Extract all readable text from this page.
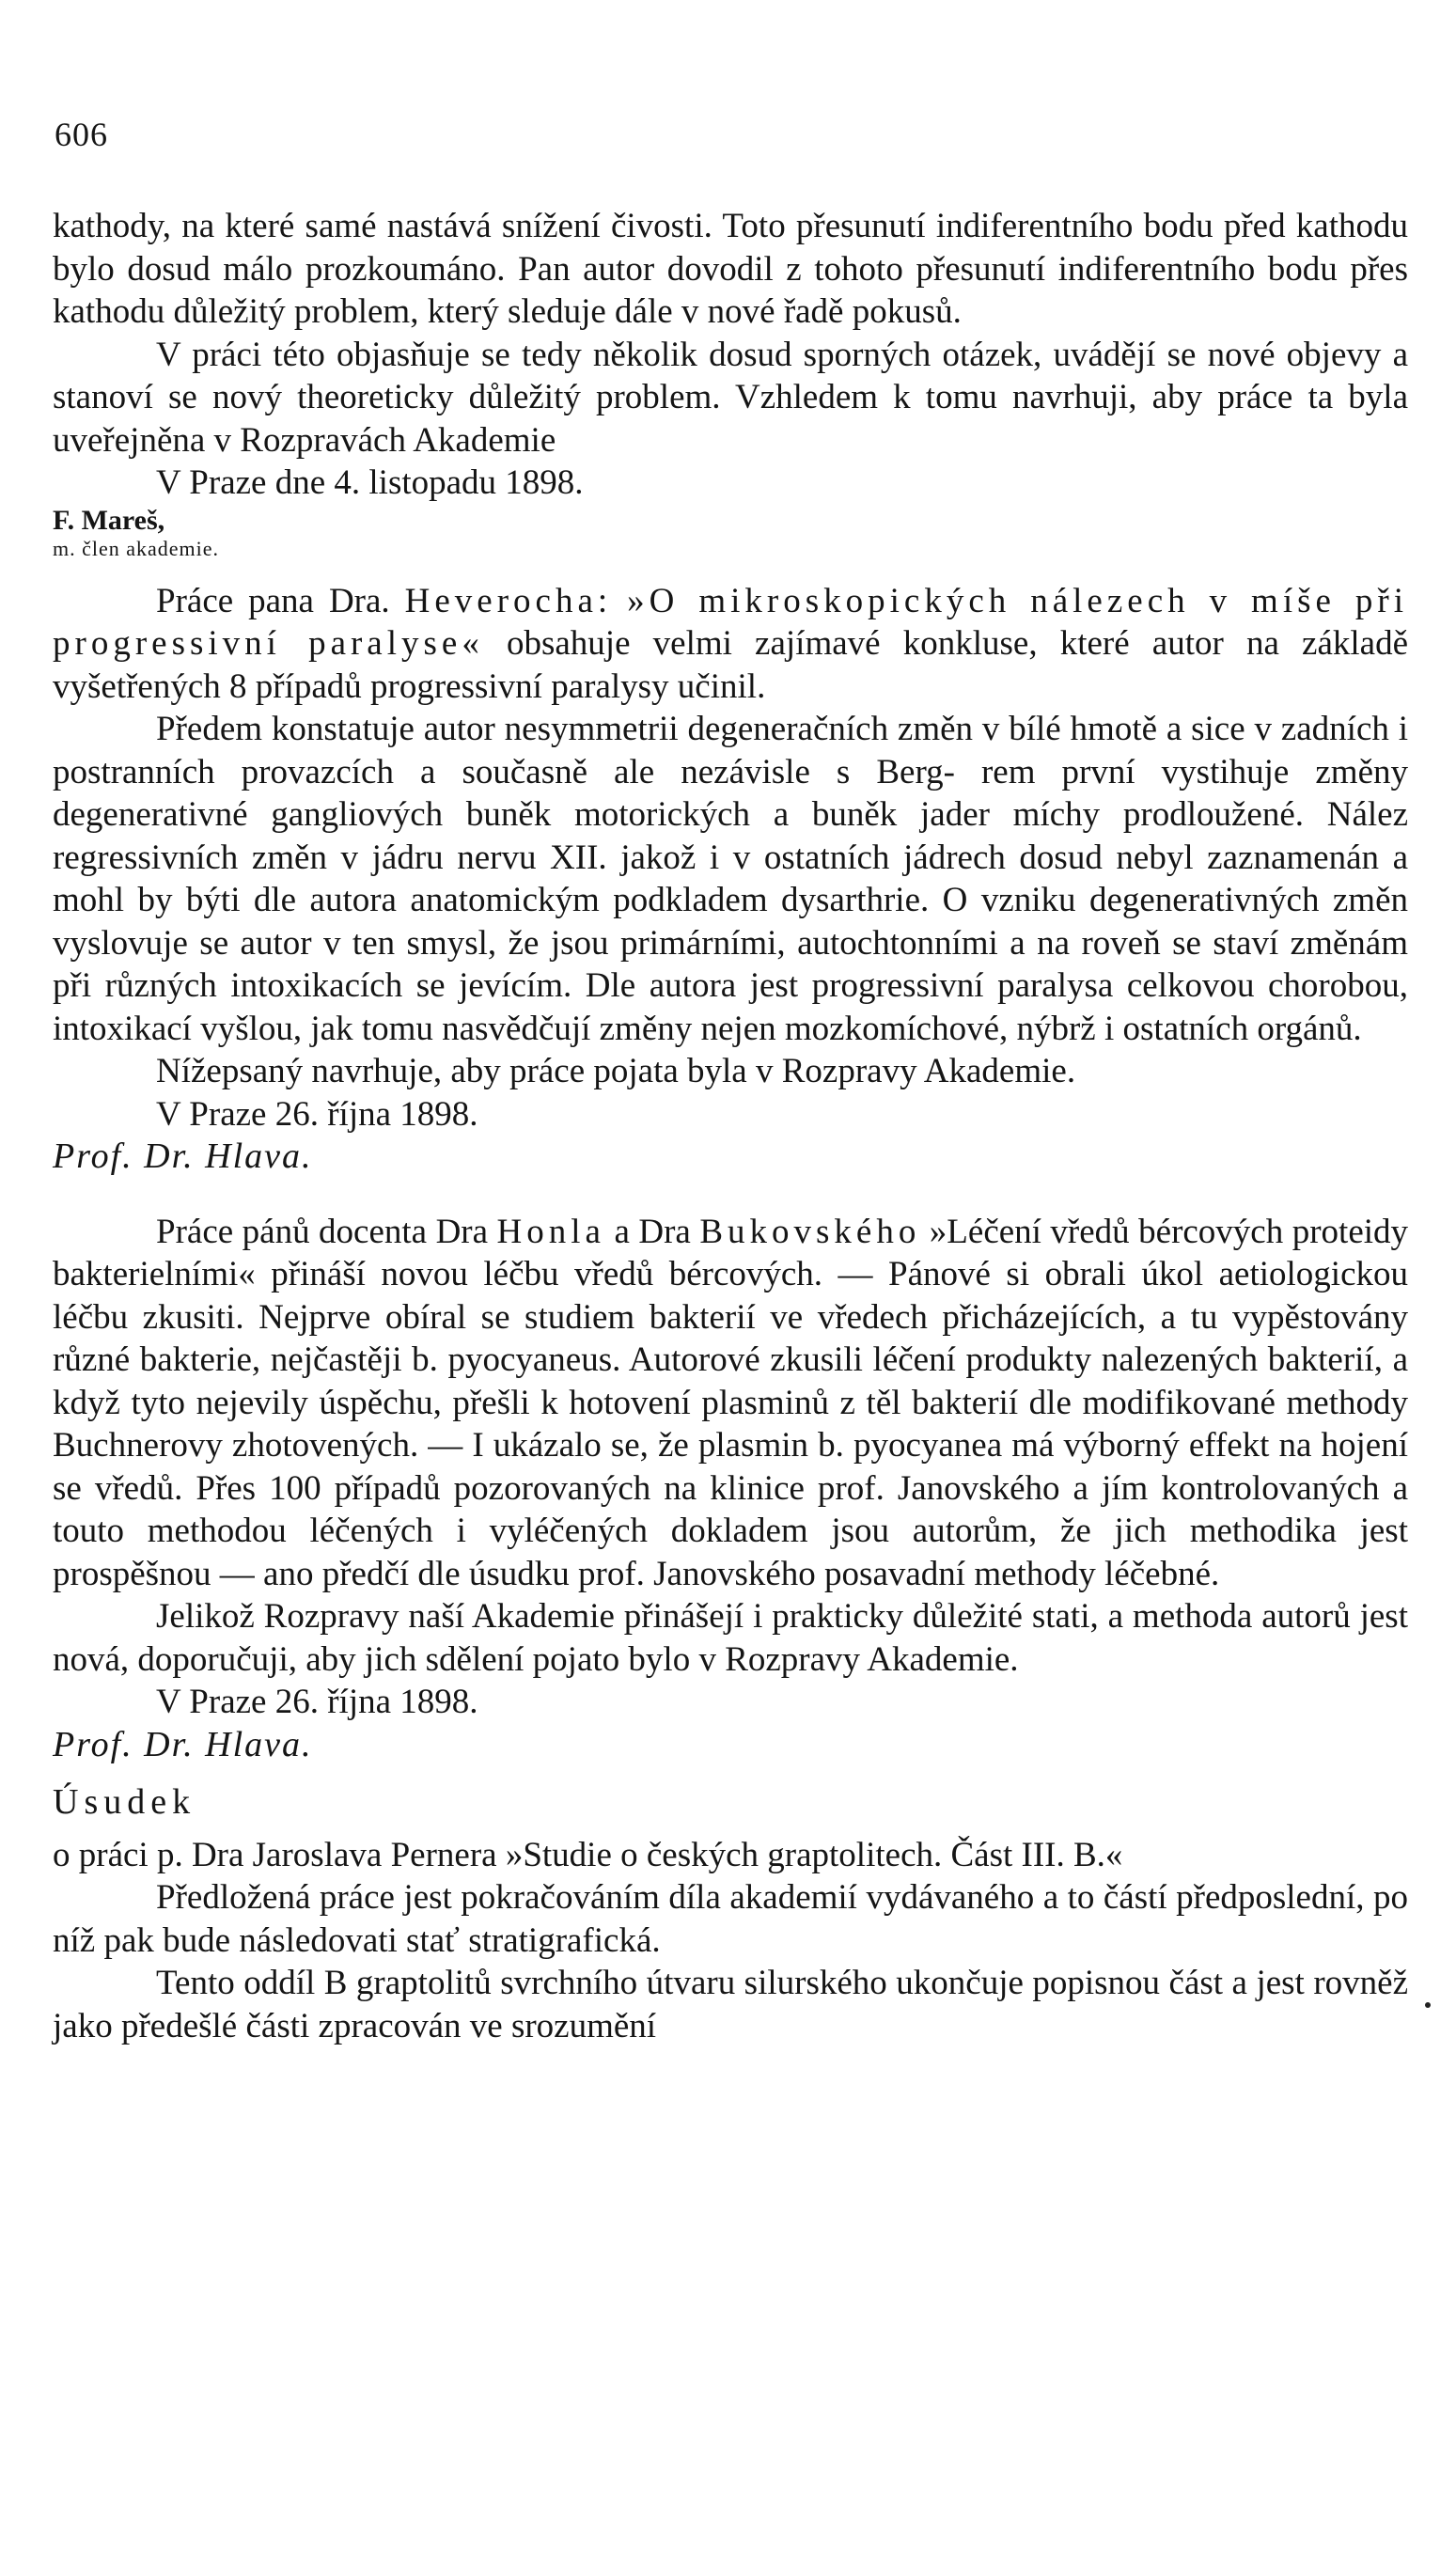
606

kathody, na které samé nastává snížení čivosti. Toto přesunutí indiferentního bodu před kathodu bylo dosud málo prozkoumáno. Pan autor dovodil z tohoto přesunutí indiferentního bodu přes kathodu důležitý problem, který sleduje dále v nové řadě pokusů.

V práci této objasňuje se tedy několik dosud sporných otázek, uvádějí se nové objevy a stanoví se nový theoreticky důležitý problem. Vzhledem k tomu navrhuji, aby práce ta byla uveřejněna v Rozpravách Akademie

V Praze dne 4. listopadu 1898.

F. Mareš,
m. člen akademie.

Práce pana Dra. Heverocha: »O mikroskopických nálezech v míše při progressivní paralyse« obsahuje velmi zajímavé konkluse, které autor na základě vyšetřených 8 případů progressivní paralysy učinil.

Předem konstatuje autor nesymmetrii degeneračních změn v bílé hmotě a sice v zadních i postranních provazcích a současně ale nezávisle s Berg- rem první vystihuje změny degenerativné gangliových buněk motorických a buněk jader míchy prodloužené. Nález regressivních změn v jádru nervu XII. jakož i v ostatních jádrech dosud nebyl zaznamenán a mohl by býti dle autora anatomickým podkladem dysarthrie. O vzniku degenerativných změn vyslovuje se autor v ten smysl, že jsou primárními, autochtonními a na roveň se staví změnám při různých intoxikacích se jevícím. Dle autora jest progressivní paralysa celkovou chorobou, intoxikací vyšlou, jak tomu nasvědčují změny nejen mozkomíchové, nýbrž i ostatních orgánů.

Nížepsaný navrhuje, aby práce pojata byla v Rozpravy Akademie.

V Praze 26. října 1898.

Prof. Dr. Hlava.

Práce pánů docenta Dra Honla a Dra Bukovského »Léčení vředů bércových proteidy bakterielními« přináší novou léčbu vředů bércových. — Pánové si obrali úkol aetiologickou léčbu zkusiti. Nejprve obíral se studiem bakterií ve vředech přicházejících, a tu vypěstovány různé bakterie, nejčastěji b. pyocyaneus. Autorové zkusili léčení produkty nalezených bakterií, a když tyto nejevily úspěchu, přešli k hotovení plasminů z těl bakterií dle modifikované methody Buchnerovy zhotovených. — I ukázalo se, že plasmin b. pyocyanea má výborný effekt na hojení se vředů. Přes 100 případů pozorovaných na klinice prof. Janovského a jím kontrolovaných a touto methodou léčených i vyléčených dokladem jsou autorům, že jich methodika jest prospěšnou — ano předčí dle úsudku prof. Janovského posavadní methody léčebné.

Jelikož Rozpravy naší Akademie přinášejí i prakticky důležité stati, a methoda autorů jest nová, doporučuji, aby jich sdělení pojato bylo v Rozpravy Akademie.

V Praze 26. října 1898.

Prof. Dr. Hlava.
Úsudek

o práci p. Dra Jaroslava Pernera »Studie o českých graptolitech. Část III. B.«

Předložená práce jest pokračováním díla akademií vydávaného a to částí předposlední, po níž pak bude následovati stať stratigrafická.

Tento oddíl B graptolitů svrchního útvaru silurského ukončuje popisnou část a jest rovněž jako předešlé části zpracován ve srozumění
